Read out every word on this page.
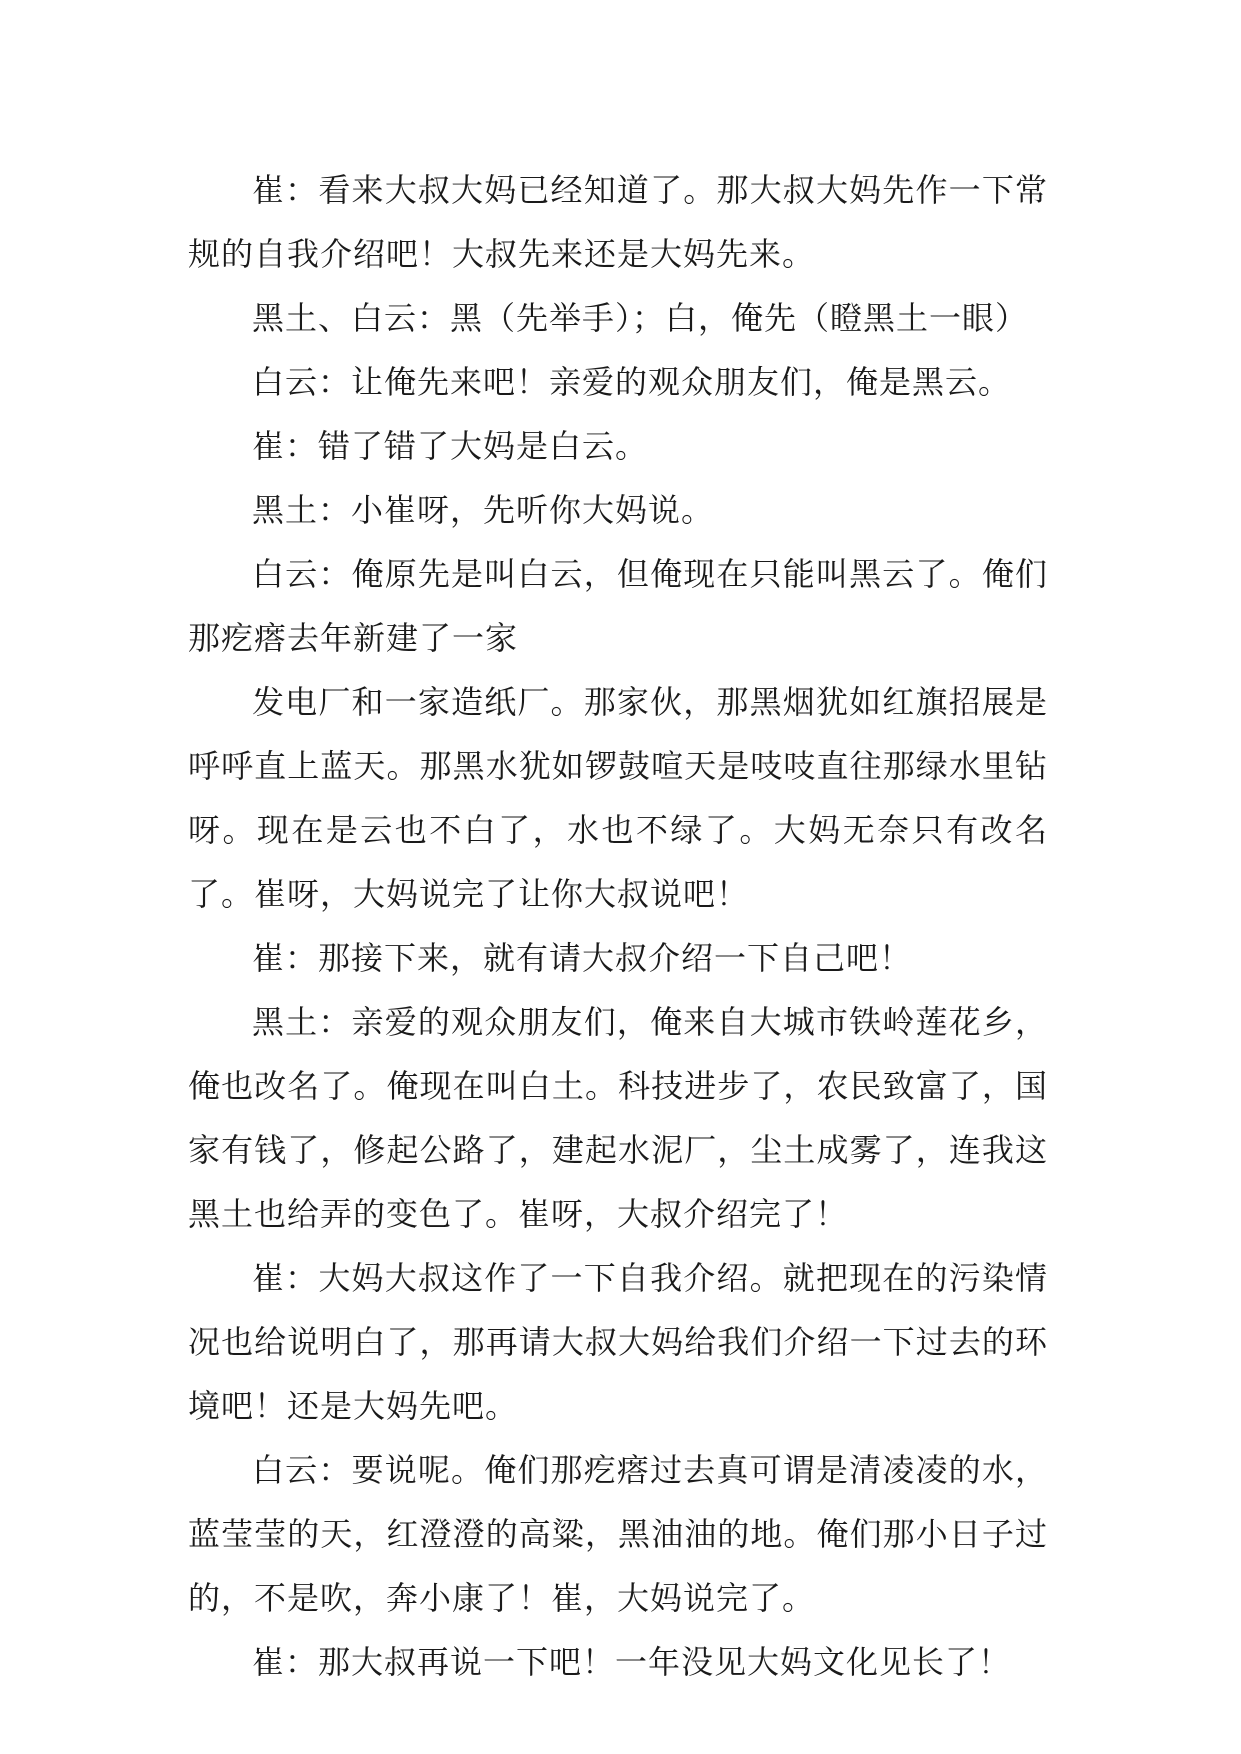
崔：看来大叔大妈已经知道了。那大叔大妈先作一下常规的自我介绍吧！大叔先来还是大妈先来。

黑土、白云：黑（先举手）；白，俺先（瞪黑土一眼）

白云：让俺先来吧！亲爱的观众朋友们，俺是黑云。

崔：错了错了大妈是白云。

黑土：小崔呀，先听你大妈说。

白云：俺原先是叫白云，但俺现在只能叫黑云了。俺们那疙瘩去年新建了一家

发电厂和一家造纸厂。那家伙，那黑烟犹如红旗招展是呼呼直上蓝天。那黑水犹如锣鼓喧天是吱吱直往那绿水里钻呀。现在是云也不白了，水也不绿了。大妈无奈只有改名了。崔呀，大妈说完了让你大叔说吧！

崔：那接下来，就有请大叔介绍一下自己吧！

黑土：亲爱的观众朋友们，俺来自大城市铁岭莲花乡，俺也改名了。俺现在叫白土。科技进步了，农民致富了，国家有钱了，修起公路了，建起水泥厂，尘土成雾了，连我这黑土也给弄的变色了。崔呀，大叔介绍完了！

崔：大妈大叔这作了一下自我介绍。就把现在的污染情况也给说明白了，那再请大叔大妈给我们介绍一下过去的环境吧！还是大妈先吧。

白云：要说呢。俺们那疙瘩过去真可谓是清凌凌的水，蓝莹莹的天，红澄澄的高粱，黑油油的地。俺们那小日子过的，不是吹，奔小康了！崔，大妈说完了。

崔：那大叔再说一下吧！一年没见大妈文化见长了！
